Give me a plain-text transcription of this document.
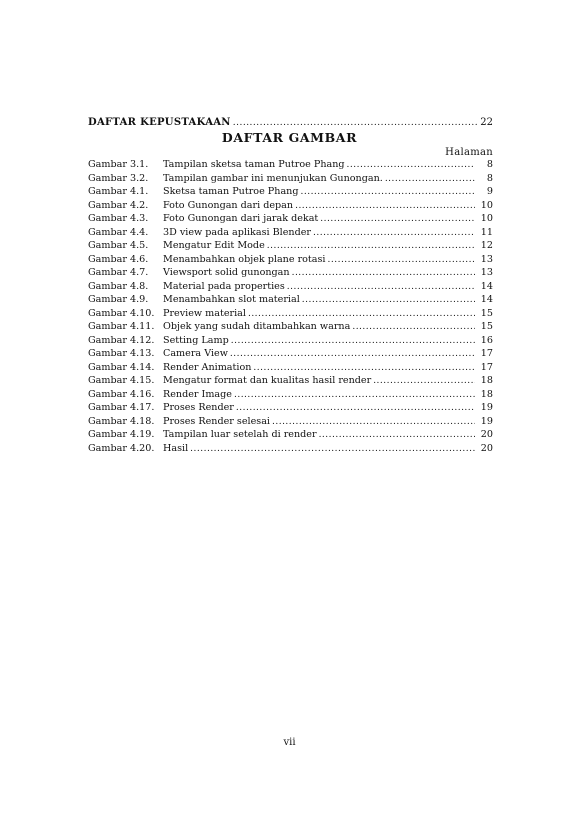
DAFTAR KEPUSTAKAAN .....	22
DAFTAR GAMBAR
Halaman
Gambar 3.1.	Tampilan sketsa taman Putroe Phang .....	8
Gambar 3.2.	Tampilan gambar ini menunjukan Gunongan. .....	8
Gambar 4.1.	Sketsa taman Putroe Phang .....	9
Gambar 4.2.	Foto Gunongan dari depan .....	10
Gambar 4.3.	Foto Gunongan dari jarak dekat .....	10
Gambar 4.4.	3D view pada aplikasi Blender .....	11
Gambar 4.5.	Mengatur Edit Mode .....	12
Gambar 4.6.	Menambahkan objek plane rotasi .....	13
Gambar 4.7.	Viewsport solid gunongan .....	13
Gambar 4.8.	Material pada properties .....	14
Gambar 4.9.	Menambahkan slot material .....	14
Gambar 4.10. Preview material .....	15
Gambar 4.11. Objek yang sudah ditambahkan warna .....	15
Gambar 4.12. Setting Lamp .....	16
Gambar 4.13. Camera View .....	17
Gambar 4.14. Render Animation .....	17
Gambar 4.15. Mengatur format dan kualitas hasil render .....	18
Gambar 4.16. Render Image .....	18
Gambar 4.17. Proses Render .....	19
Gambar 4.18. Proses Render selesai .....	19
Gambar 4.19. Tampilan luar setelah di render .....	20
Gambar 4.20. Hasil .....	20
vii
